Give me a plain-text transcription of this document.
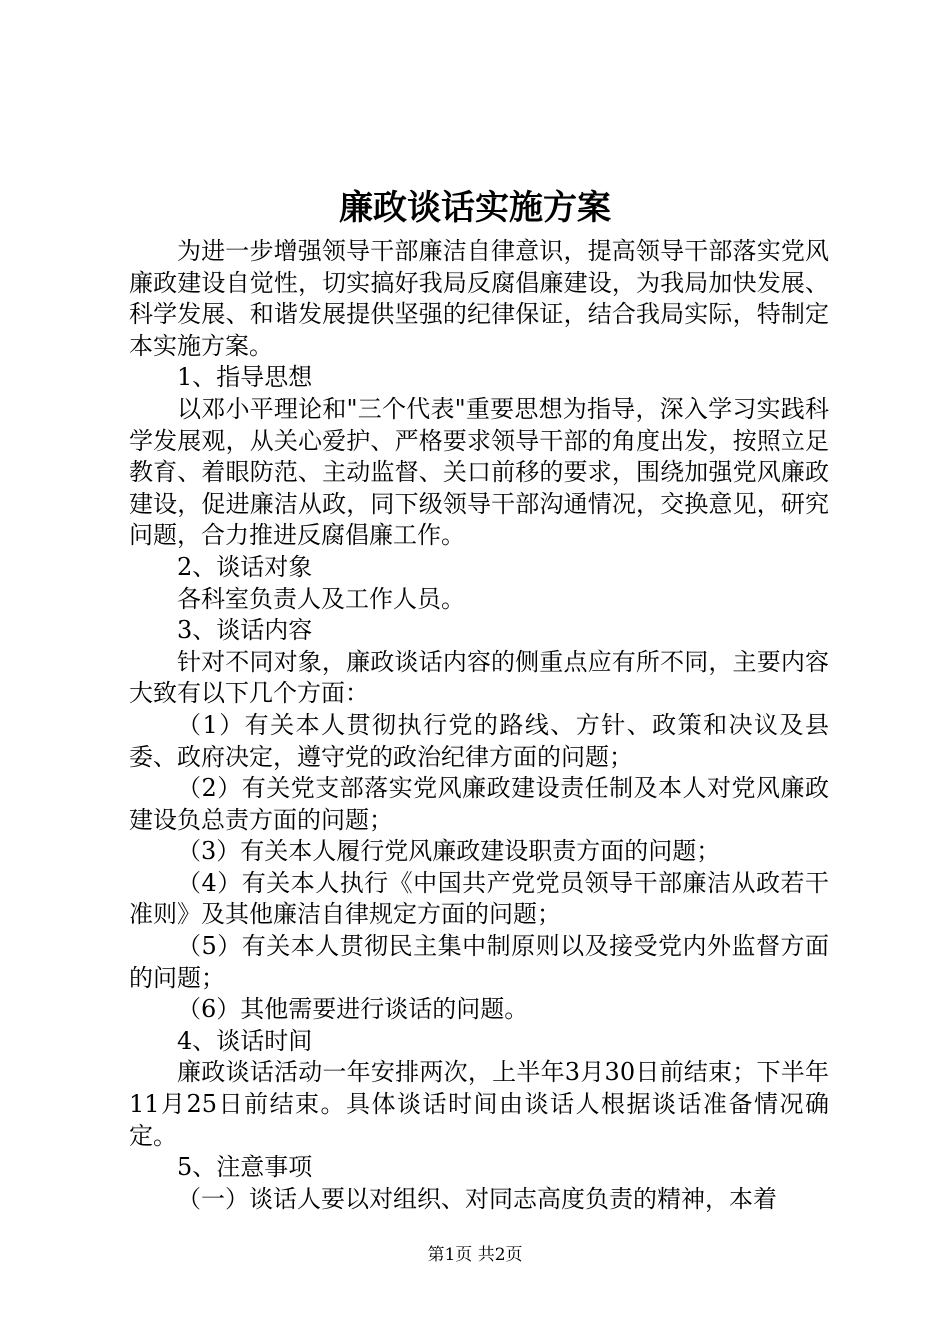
廉政谈话实施方案

为进一步增强领导干部廉洁自律意识，提高领导干部落实党风廉政建设自觉性，切实搞好我局反腐倡廉建设，为我局加快发展、科学发展、和谐发展提供坚强的纪律保证，结合我局实际，特制定本实施方案。

1、指导思想

以邓小平理论和"三个代表"重要思想为指导，深入学习实践科学发展观，从关心爱护、严格要求领导干部的角度出发，按照立足教育、着眼防范、主动监督、关口前移的要求，围绕加强党风廉政建设，促进廉洁从政，同下级领导干部沟通情况，交换意见，研究问题，合力推进反腐倡廉工作。

2、谈话对象

各科室负责人及工作人员。

3、谈话内容

针对不同对象，廉政谈话内容的侧重点应有所不同，主要内容大致有以下几个方面：

（1）有关本人贯彻执行党的路线、方针、政策和决议及县委、政府决定，遵守党的政治纪律方面的问题；

（2）有关党支部落实党风廉政建设责任制及本人对党风廉政建设负总责方面的问题；

（3）有关本人履行党风廉政建设职责方面的问题；

（4）有关本人执行《中国共产党党员领导干部廉洁从政若干准则》及其他廉洁自律规定方面的问题；

（5）有关本人贯彻民主集中制原则以及接受党内外监督方面的问题；

（6）其他需要进行谈话的问题。

4、谈话时间

廉政谈话活动一年安排两次，上半年3月30日前结束；下半年11月25日前结束。具体谈话时间由谈话人根据谈话准备情况确定。

5、注意事项

（一）谈话人要以对组织、对同志高度负责的精神，本着

第1页 共2页
